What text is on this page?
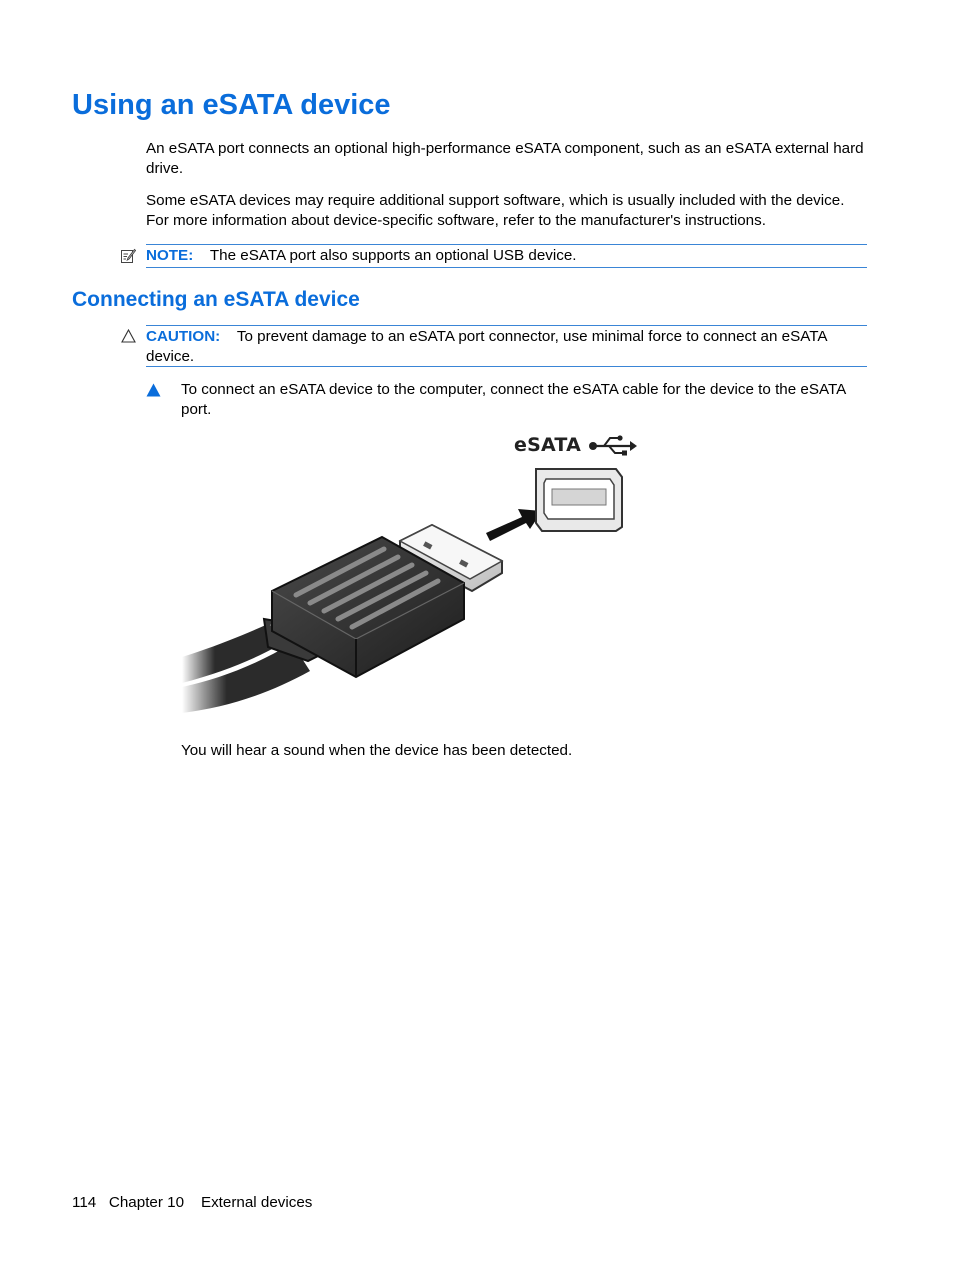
Using an eSATA device

An eSATA port connects an optional high-performance eSATA component, such as an eSATA external hard drive.

Some eSATA devices may require additional support software, which is usually included with the device. For more information about device-specific software, refer to the manufacturer's instructions.

NOTE: The eSATA port also supports an optional USB device.
Connecting an eSATA device
CAUTION: To prevent damage to an eSATA port connector, use minimal force to connect an eSATA device.

To connect an eSATA device to the computer, connect the eSATA cable for the device to the eSATA port.

eSATA

You will hear a sound when the device has been detected.

114 Chapter 10 External devices
